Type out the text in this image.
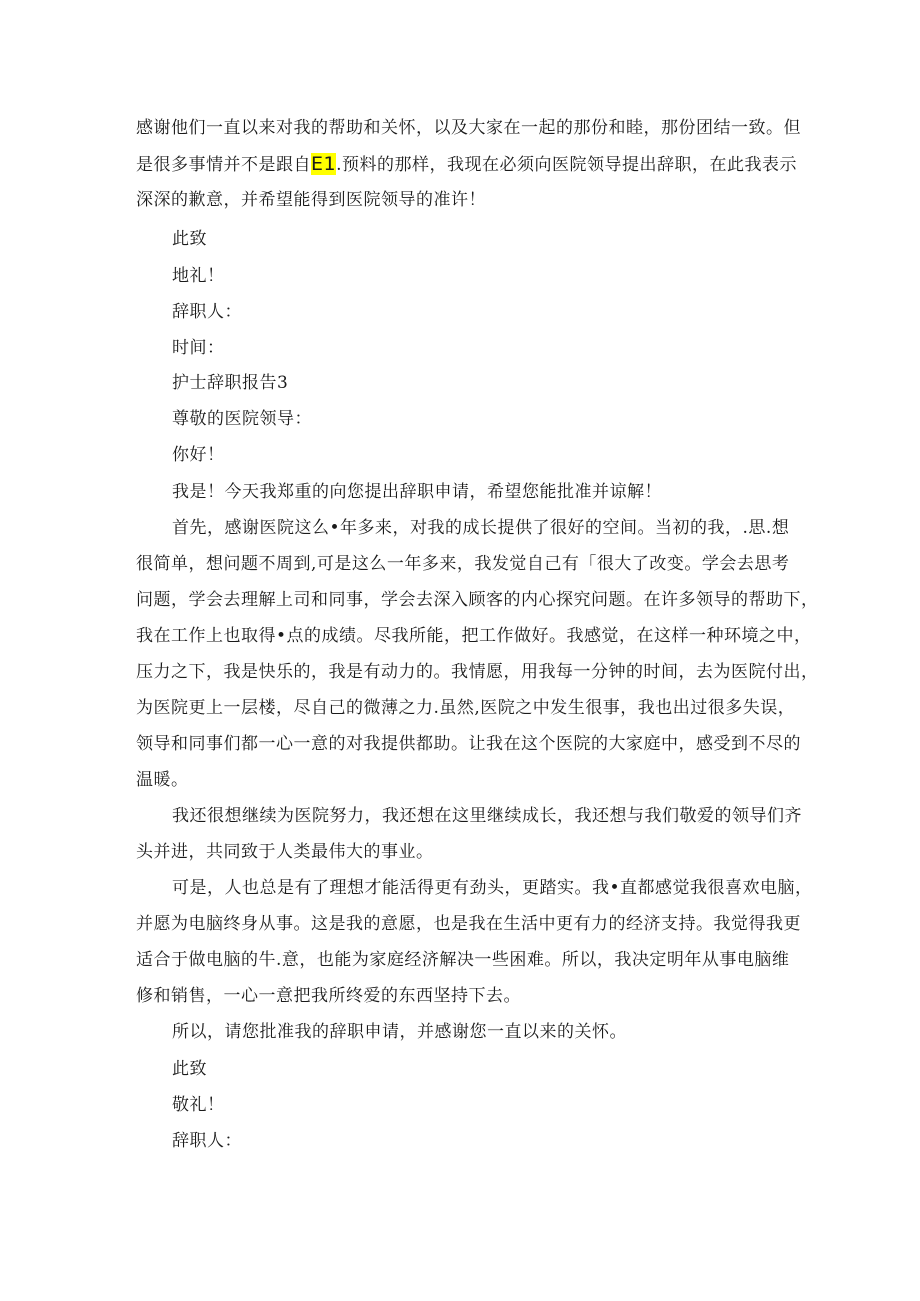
感谢他们一直以来对我的帮助和关怀，以及大家在一起的那份和睦，那份团结一致。但
是很多事情并不是跟自E1.预料的那样，我现在必须向医院领导提出辞职，在此我表示
深深的歉意，并希望能得到医院领导的准许！
此致
地礼！
辞职人：
时间：
护士辞职报告3
尊敬的医院领导：
你好！
我是！今天我郑重的向您提出辞职申请，希望您能批准并谅解！
首先，感谢医院这么•年多来，对我的成长提供了很好的空间。当初的我，.思.想
很简单，想问题不周到,可是这么一年多来，我发觉自己有「很大了改变。学会去思考
问题，学会去理解上司和同事，学会去深入顾客的内心探究问题。在许多领导的帮助下，
我在工作上也取得•点的成绩。尽我所能，把工作做好。我感觉，在这样一种环境之中，
压力之下，我是快乐的，我是有动力的。我情愿，用我每一分钟的时间，去为医院付出，
为医院更上一层楼，尽自己的微薄之力.虽然,医院之中发生很事，我也出过很多失误，
领导和同事们都一心一意的对我提供都助。让我在这个医院的大家庭中，感受到不尽的
温暖。
我还很想继续为医院努力，我还想在这里继续成长，我还想与我们敬爱的领导们齐
头并进，共同致于人类最伟大的事业。
可是，人也总是有了理想才能活得更有劲头，更踏实。我•直都感觉我很喜欢电脑，
并愿为电脑终身从事。这是我的意愿，也是我在生活中更有力的经济支持。我觉得我更
适合于做电脑的牛.意，也能为家庭经济解决一些困难。所以，我决定明年从事电脑维
修和销售，一心一意把我所终爱的东西坚持下去。
所以，请您批准我的辞职申请，并感谢您一直以来的关怀。
此致
敬礼！
辞职人：
